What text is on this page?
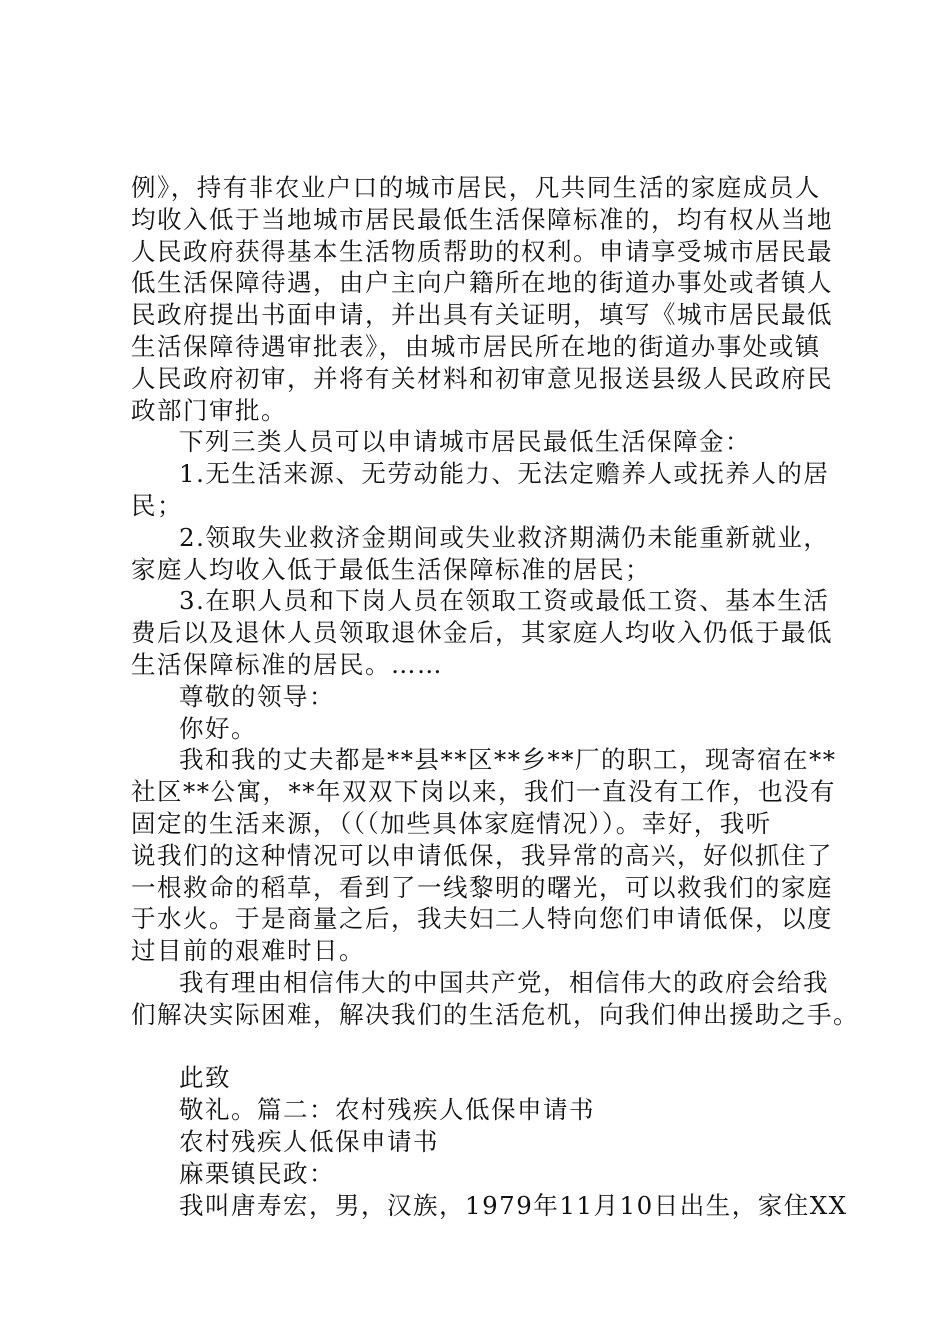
例》，持有非农业户口的城市居民，凡共同生活的家庭成员人
均收入低于当地城市居民最低生活保障标准的，均有权从当地
人民政府获得基本生活物质帮助的权利。申请享受城市居民最
低生活保障待遇，由户主向户籍所在地的街道办事处或者镇人
民政府提出书面申请，并出具有关证明，填写《城市居民最低
生活保障待遇审批表》，由城市居民所在地的街道办事处或镇
人民政府初审，并将有关材料和初审意见报送县级人民政府民
政部门审批。
下列三类人员可以申请城市居民最低生活保障金：
1.无生活来源、无劳动能力、无法定赡养人或抚养人的居
民；
2.领取失业救济金期间或失业救济期满仍未能重新就业，
家庭人均收入低于最低生活保障标准的居民；
3.在职人员和下岗人员在领取工资或最低工资、基本生活
费后以及退休人员领取退休金后，其家庭人均收入仍低于最低
生活保障标准的居民。……
尊敬的领导：
你好。
我和我的丈夫都是**县**区**乡**厂的职工，现寄宿在**
社区**公寓，**年双双下岗以来，我们一直没有工作，也没有
固定的生活来源，（（（加些具体家庭情况））。幸好，我听
说我们的这种情况可以申请低保，我异常的高兴，好似抓住了
一根救命的稻草，看到了一线黎明的曙光，可以救我们的家庭
于水火。于是商量之后，我夫妇二人特向您们申请低保，以度
过目前的艰难时日。
我有理由相信伟大的中国共产党，相信伟大的政府会给我
们解决实际困难，解决我们的生活危机，向我们伸出援助之手。
此致
敬礼。篇二：农村残疾人低保申请书
农村残疾人低保申请书
麻栗镇民政：
我叫唐寿宏，男，汉族，1979年11月10日出生，家住XX
